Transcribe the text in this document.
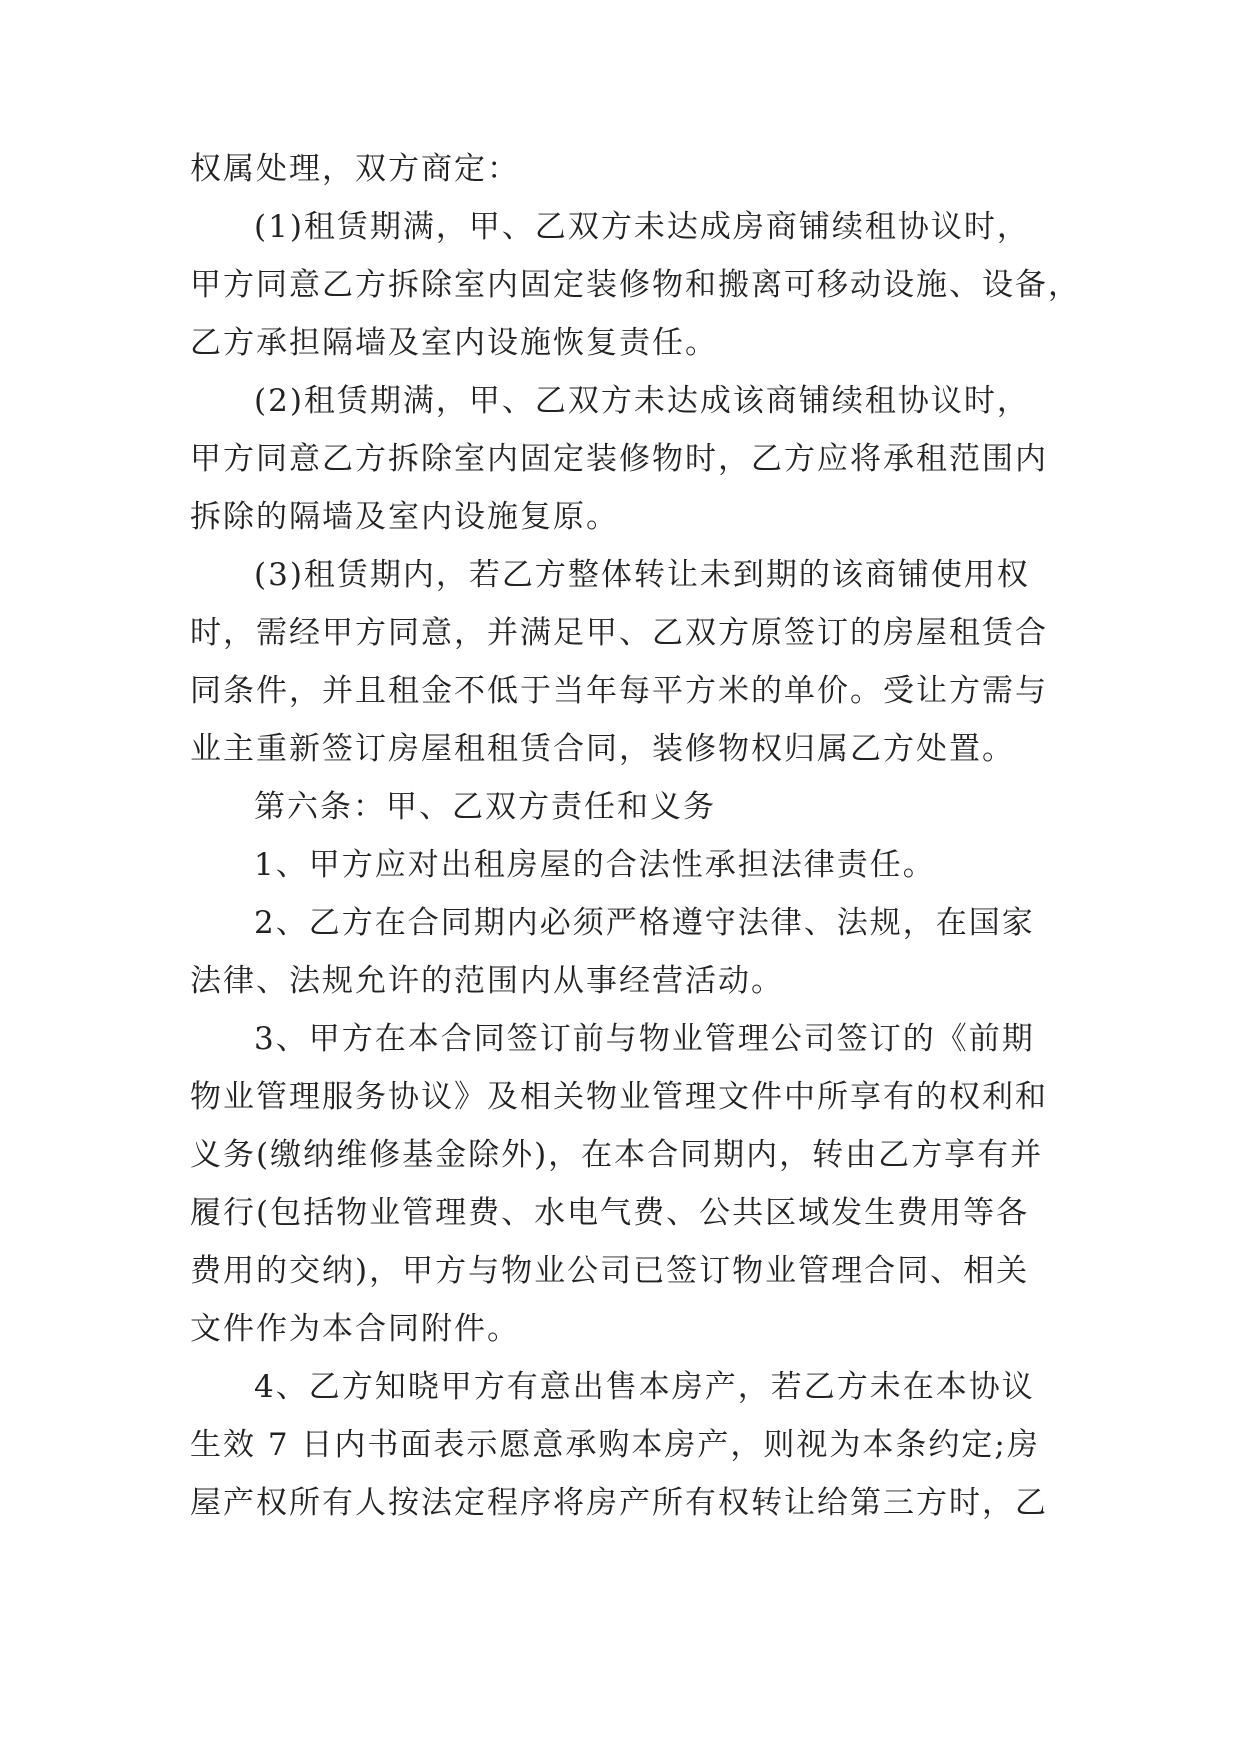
权属处理，双方商定：
(1)租赁期满，甲、乙双方未达成房商铺续租协议时，
甲方同意乙方拆除室内固定装修物和搬离可移动设施、设备，
乙方承担隔墙及室内设施恢复责任。
(2)租赁期满，甲、乙双方未达成该商铺续租协议时，
甲方同意乙方拆除室内固定装修物时，乙方应将承租范围内
拆除的隔墙及室内设施复原。
(3)租赁期内，若乙方整体转让未到期的该商铺使用权
时，需经甲方同意，并满足甲、乙双方原签订的房屋租赁合
同条件，并且租金不低于当年每平方米的单价。受让方需与
业主重新签订房屋租租赁合同，装修物权归属乙方处置。
第六条：甲、乙双方责任和义务
1、甲方应对出租房屋的合法性承担法律责任。
2、乙方在合同期内必须严格遵守法律、法规，在国家
法律、法规允许的范围内从事经营活动。
3、甲方在本合同签订前与物业管理公司签订的《前期
物业管理服务协议》及相关物业管理文件中所享有的权利和
义务(缴纳维修基金除外)，在本合同期内，转由乙方享有并
履行(包括物业管理费、水电气费、公共区域发生费用等各
费用的交纳)，甲方与物业公司已签订物业管理合同、相关
文件作为本合同附件。
4、乙方知晓甲方有意出售本房产，若乙方未在本协议
生效 7 日内书面表示愿意承购本房产，则视为本条约定;房
屋产权所有人按法定程序将房产所有权转让给第三方时，乙
